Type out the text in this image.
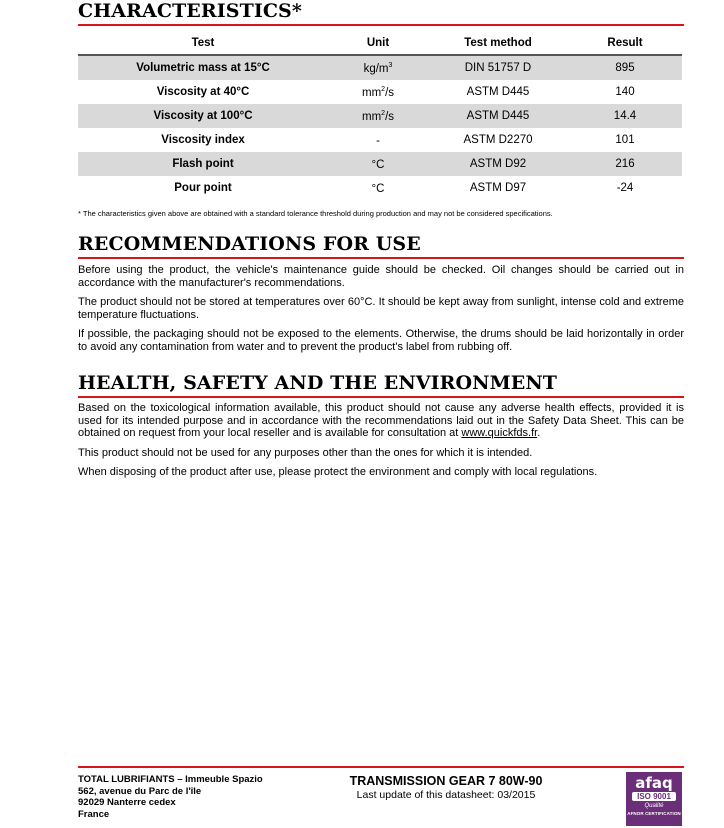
CHARACTERISTICS*
Test	Unit	Test method	Result
Volumetric mass at 15°C	$kg/m^3$	DIN 51757 D	895
Viscosity at 40°C	$mm^2/s$	ASTM D445	140
Viscosity at 100°C	$mm^2/s$	ASTM D445	14.4
Viscosity index	-	ASTM D2270	101
Flash point	°C	ASTM D92	216
Pour point	°C	ASTM D97	-24
* The characteristics given above are obtained with a standard tolerance threshold during production and may not be considered specifications.
RECOMMENDATIONS FOR USE

Before using the product, the vehicle's maintenance guide should be checked. Oil changes should be carried out in accordance with the manufacturer's recommendations.

The product should not be stored at temperatures over 60°C. It should be kept away from sunlight, intense cold and extreme temperature fluctuations.

If possible, the packaging should not be exposed to the elements. Otherwise, the drums should be laid horizontally in order to avoid any contamination from water and to prevent the product's label from rubbing off.

HEALTH, SAFETY AND THE ENVIRONMENT

Based on the toxicological information available, this product should not cause any adverse health effects, provided it is used for its intended purpose and in accordance with the recommendations laid out in the Safety Data Sheet. This can be obtained on request from your local reseller and is available for consultation at www.quickfds.fr.

This product should not be used for any purposes other than the ones for which it is intended.

When disposing of the product after use, please protect the environment and comply with local regulations.

TOTAL LUBRIFIANTS – Immeuble Spazio
562, avenue du Parc de l'île
92029 Nanterre cedex
France
TRANSMISSION GEAR 7 80W-90
Last update of this datasheet: 03/2015
afaq
ISO 9001
Qualité
AFNOR CERTIFICATION
